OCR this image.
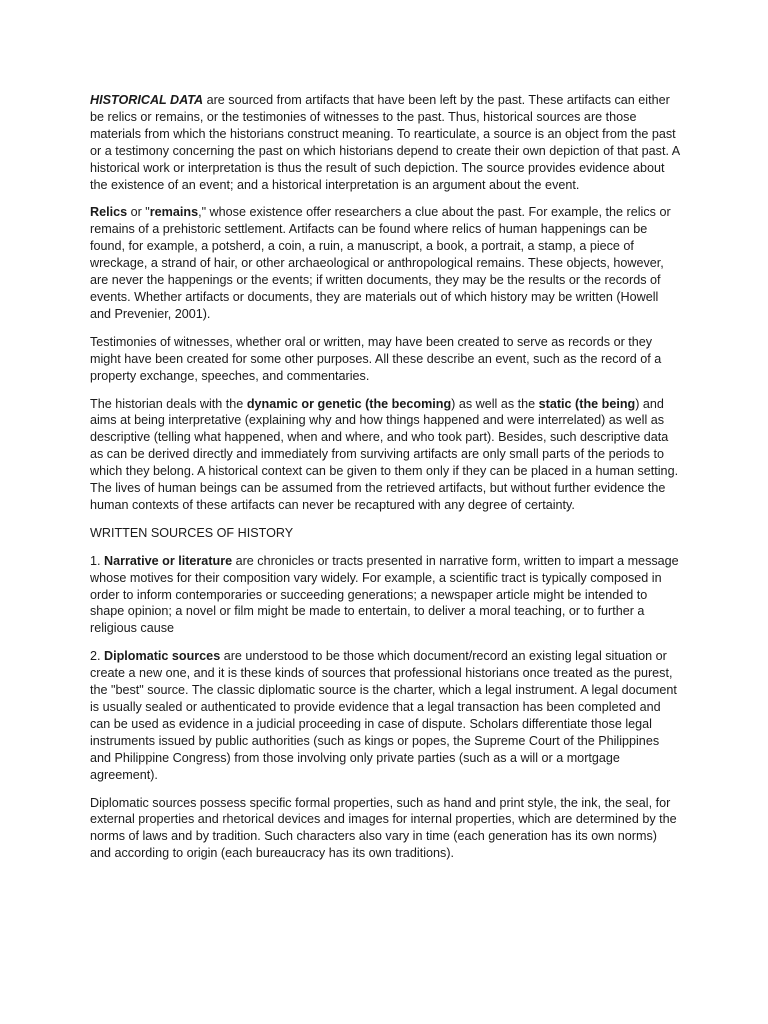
HISTORICAL DATA are sourced from artifacts that have been left by the past. These artifacts can either be relics or remains, or the testimonies of witnesses to the past. Thus, historical sources are those materials from which the historians construct meaning. To rearticulate, a source is an object from the past or a testimony concerning the past on which historians depend to create their own depiction of that past. A historical work or interpretation is thus the result of such depiction. The source provides evidence about the existence of an event; and a historical interpretation is an argument about the event.

Relics or "remains," whose existence offer researchers a clue about the past. For example, the relics or remains of a prehistoric settlement. Artifacts can be found where relics of human happenings can be found, for example, a potsherd, a coin, a ruin, a manuscript, a book, a portrait, a stamp, a piece of wreckage, a strand of hair, or other archaeological or anthropological remains. These objects, however, are never the happenings or the events; if written documents, they may be the results or the records of events. Whether artifacts or documents, they are materials out of which history may be written (Howell and Prevenier, 2001).

Testimonies of witnesses, whether oral or written, may have been created to serve as records or they might have been created for some other purposes. All these describe an event, such as the record of a property exchange, speeches, and commentaries.

The historian deals with the dynamic or genetic (the becoming) as well as the static (the being) and aims at being interpretative (explaining why and how things happened and were interrelated) as well as descriptive (telling what happened, when and where, and who took part). Besides, such descriptive data as can be derived directly and immediately from surviving artifacts are only small parts of the periods to which they belong. A historical context can be given to them only if they can be placed in a human setting. The lives of human beings can be assumed from the retrieved artifacts, but without further evidence the human contexts of these artifacts can never be recaptured with any degree of certainty.

WRITTEN SOURCES OF HISTORY

1. Narrative or literature are chronicles or tracts presented in narrative form, written to impart a message whose motives for their composition vary widely. For example, a scientific tract is typically composed in order to inform contemporaries or succeeding generations; a newspaper article might be intended to shape opinion; a novel or film might be made to entertain, to deliver a moral teaching, or to further a religious cause

2. Diplomatic sources are understood to be those which document/record an existing legal situation or create a new one, and it is these kinds of sources that professional historians once treated as the purest, the "best" source. The classic diplomatic source is the charter, which a legal instrument. A legal document is usually sealed or authenticated to provide evidence that a legal transaction has been completed and can be used as evidence in a judicial proceeding in case of dispute. Scholars differentiate those legal instruments issued by public authorities (such as kings or popes, the Supreme Court of the Philippines and Philippine Congress) from those involving only private parties (such as a will or a mortgage agreement).

Diplomatic sources possess specific formal properties, such as hand and print style, the ink, the seal, for external properties and rhetorical devices and images for internal properties, which are determined by the norms of laws and by tradition. Such characters also vary in time (each generation has its own norms) and according to origin (each bureaucracy has its own traditions).
